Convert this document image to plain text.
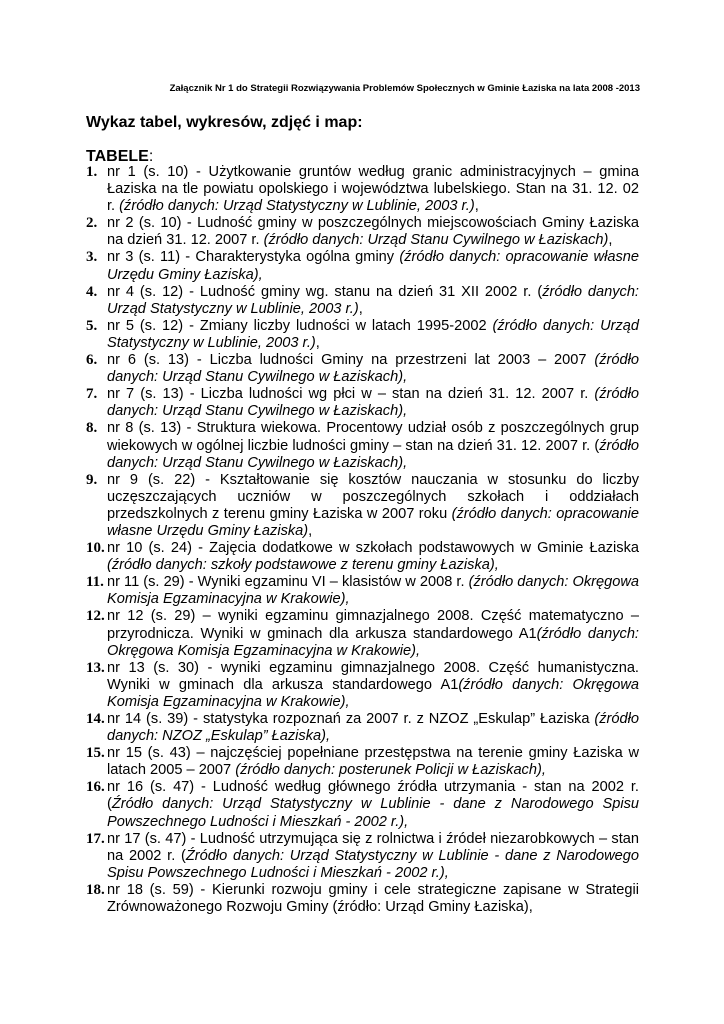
Załącznik Nr 1 do Strategii Rozwiązywania Problemów Społecznych w Gminie Łaziska na lata 2008 -2013
Wykaz tabel, wykresów, zdjęć i map:
TABELE:
1. nr 1 (s. 10) - Użytkowanie gruntów według granic administracyjnych – gmina Łaziska na tle powiatu opolskiego i województwa lubelskiego. Stan na 31. 12. 02 r. (źródło danych: Urząd Statystyczny w Lublinie, 2003 r.),
2. nr 2 (s. 10) - Ludność gminy w poszczególnych miejscowościach Gminy Łaziska na dzień 31. 12. 2007 r. (źródło danych: Urząd Stanu Cywilnego w Łaziskach),
3. nr 3 (s. 11) - Charakterystyka ogólna gminy (źródło danych: opracowanie własne Urzędu Gminy Łaziska),
4. nr 4 (s. 12) - Ludność gminy wg. stanu na dzień 31 XII 2002 r. (źródło danych: Urząd Statystyczny w Lublinie, 2003 r.),
5. nr 5 (s. 12) - Zmiany liczby ludności w latach 1995-2002 (źródło danych: Urząd Statystyczny w Lublinie, 2003 r.),
6. nr 6 (s. 13) - Liczba ludności Gminy na przestrzeni lat 2003 – 2007 (źródło danych: Urząd Stanu Cywilnego w Łaziskach),
7. nr 7 (s. 13) - Liczba ludności wg płci w – stan na dzień 31. 12. 2007 r. (źródło danych: Urząd Stanu Cywilnego w Łaziskach),
8. nr 8 (s. 13) - Struktura wiekowa. Procentowy udział osób z poszczególnych grup wiekowych w ogólnej liczbie ludności gminy – stan na dzień 31. 12. 2007 r. (źródło danych: Urząd Stanu Cywilnego w Łaziskach),
9. nr 9 (s. 22) - Kształtowanie się kosztów nauczania w stosunku do liczby uczęszczających uczniów w poszczególnych szkołach i oddziałach przedszkolnych z terenu gminy Łaziska w 2007 roku (źródło danych: opracowanie własne Urzędu Gminy Łaziska),
10. nr 10 (s. 24) - Zajęcia dodatkowe w szkołach podstawowych w Gminie Łaziska (źródło danych: szkoły podstawowe z terenu gminy Łaziska),
11. nr 11 (s. 29) - Wyniki egzaminu VI – klasistów w 2008 r. (źródło danych: Okręgowa Komisja Egzaminacyjna w Krakowie),
12. nr 12 (s. 29) – wyniki egzaminu gimnazjalnego 2008. Część matematyczno – przyrodnicza. Wyniki w gminach dla arkusza standardowego A1(źródło danych: Okręgowa Komisja Egzaminacyjna w Krakowie),
13. nr 13 (s. 30) - wyniki egzaminu gimnazjalnego 2008. Część humanistyczna. Wyniki w gminach dla arkusza standardowego A1(źródło danych: Okręgowa Komisja Egzaminacyjna w Krakowie),
14. nr 14 (s. 39) - statystyka rozpoznań za 2007 r. z NZOZ „Eskulap” Łaziska (źródło danych: NZOZ „Eskulap” Łaziska),
15. nr 15 (s. 43) – najczęściej popełniane przestępstwa na terenie gminy Łaziska w latach 2005 – 2007 (źródło danych: posterunek Policji w Łaziskach),
16. nr 16 (s. 47) - Ludność według głównego źródła utrzymania - stan na 2002 r. (Źródło danych: Urząd Statystyczny w Lublinie - dane z Narodowego Spisu Powszechnego Ludności i Mieszkań - 2002 r.),
17. nr 17 (s. 47) - Ludność utrzymująca się z rolnictwa i źródeł niezarobkowych – stan na 2002 r. (Źródło danych: Urząd Statystyczny w Lublinie - dane z Narodowego Spisu Powszechnego Ludności i Mieszkań - 2002 r.),
18. nr 18 (s. 59) - Kierunki rozwoju gminy i cele strategiczne zapisane w Strategii Zrównoważonego Rozwoju Gminy (źródło: Urząd Gminy Łaziska),
